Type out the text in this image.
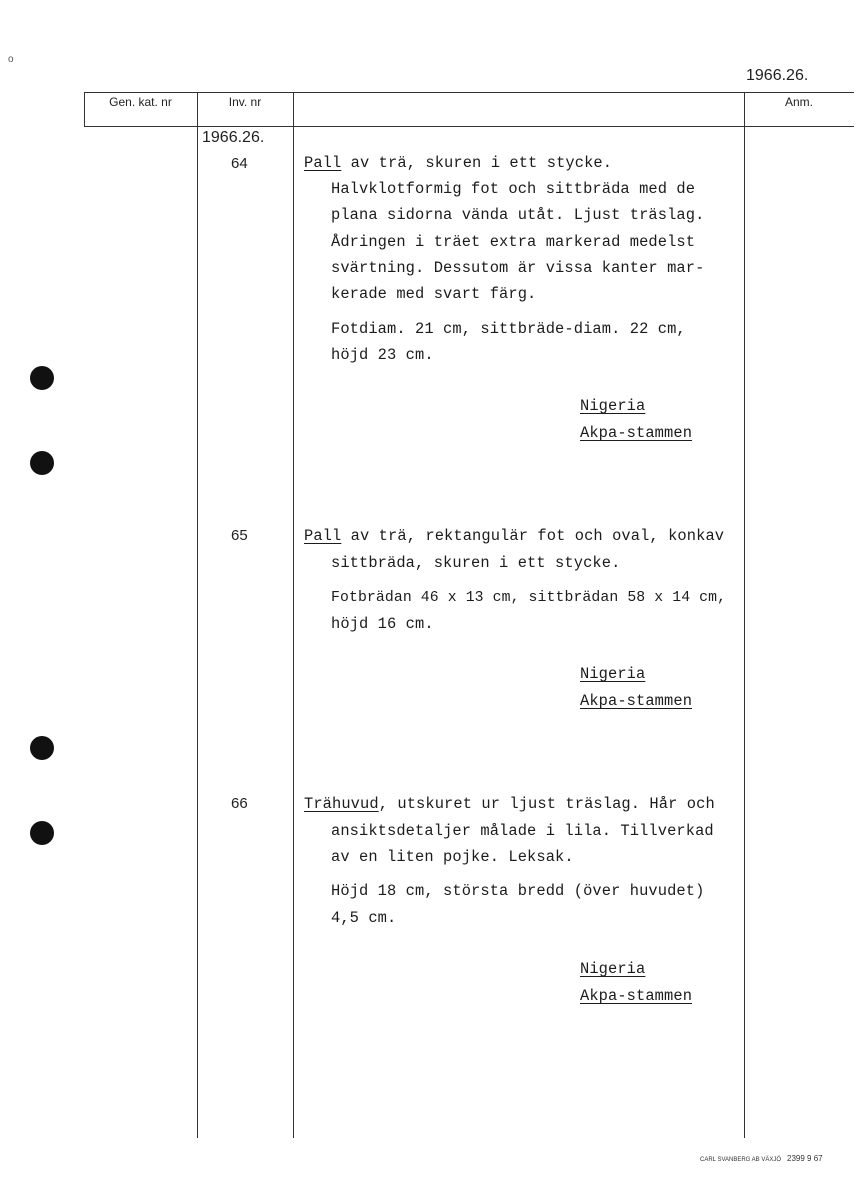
o
1966.26.
Gen. kat. nr	Inv. nr	Anm.
1966.26.
64	Pall av trä, skuren i ett stycke.
Halvklotformig fot och sittbräda med de
plana sidorna vända utåt. Ljust träslag.
Ådringen i träet extra markerad medelst
svärtning. Dessutom är vissa kanter mar-
kerade med svart färg.
Fotdiam. 21 cm, sittbräde-diam. 22 cm,
höjd 23 cm.
Nigeria
Akpa-stammen
65	Pall av trä, rektangulär fot och oval, konkav
sittbräda, skuren i ett stycke.
Fotbrädan 46 x 13 cm, sittbrädan 58 x 14 cm,
höjd 16 cm.
Nigeria
Akpa-stammen
66	Trähuvud, utskuret ur ljust träslag. Hår och
ansiktsdetaljer målade i lila. Tillverkad
av en liten pojke. Leksak.
Höjd 18 cm, största bredd (över huvudet)
4,5 cm.
Nigeria
Akpa-stammen
CARL SVANBERG AB VÄXJÖ 2399 9 67
